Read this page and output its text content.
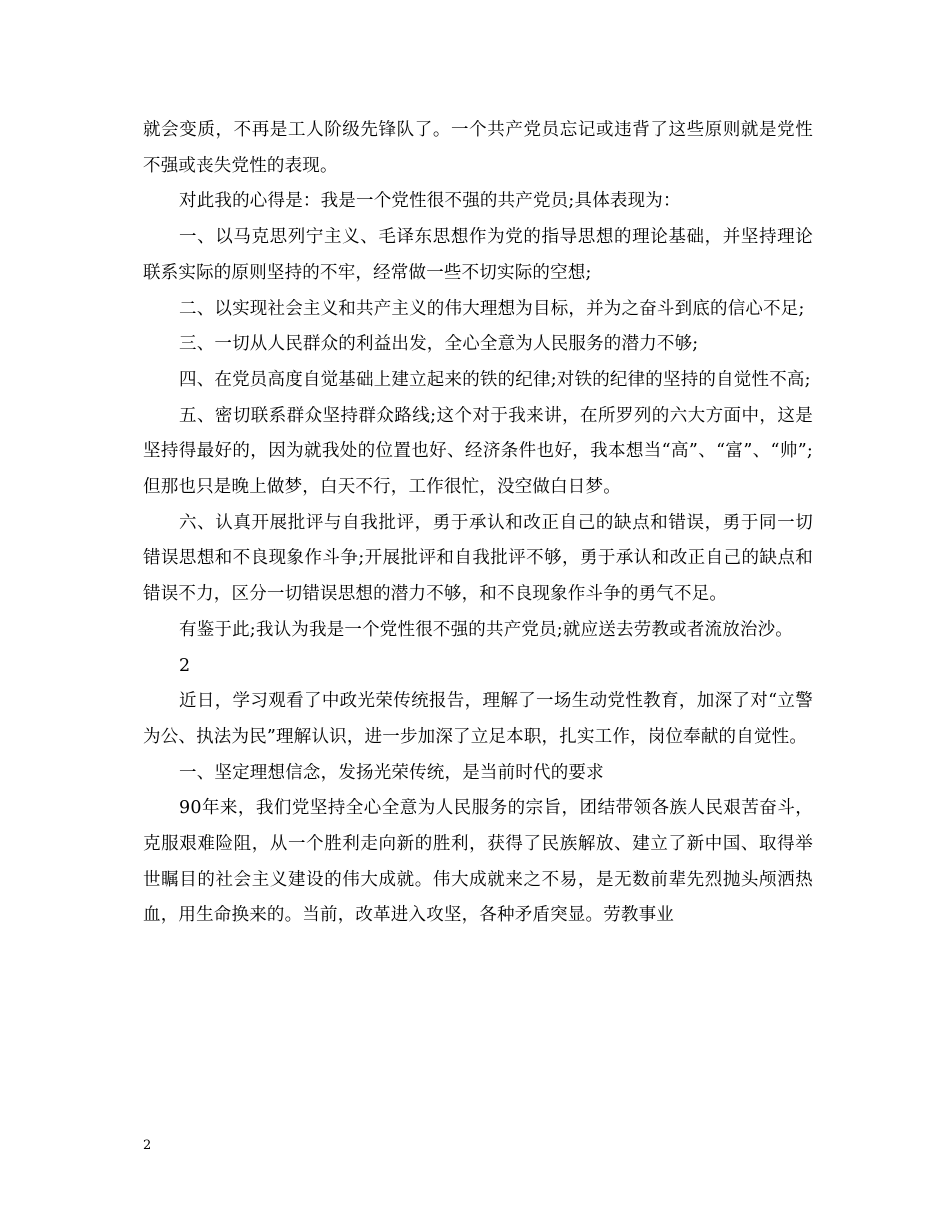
就会变质，不再是工人阶级先锋队了。一个共产党员忘记或违背了这些原则就是党性不强或丧失党性的表现。

对此我的心得是：我是一个党性很不强的共产党员;具体表现为：

一、以马克思列宁主义、毛译东思想作为党的指导思想的理论基础，并坚持理论联系实际的原则坚持的不牢，经常做一些不切实际的空想;

二、以实现社会主义和共产主义的伟大理想为目标，并为之奋斗到底的信心不足;

三、一切从人民群众的利益出发，全心全意为人民服务的潜力不够;

四、在党员高度自觉基础上建立起来的铁的纪律;对铁的纪律的坚持的自觉性不高;

五、密切联系群众坚持群众路线;这个对于我来讲，在所罗列的六大方面中，这是坚持得最好的，因为就我处的位置也好、经济条件也好，我本想当“高”、“富”、“帅”;但那也只是晚上做梦，白天不行，工作很忙，没空做白日梦。

六、认真开展批评与自我批评，勇于承认和改正自己的缺点和错误，勇于同一切错误思想和不良现象作斗争;开展批评和自我批评不够，勇于承认和改正自己的缺点和错误不力，区分一切错误思想的潜力不够，和不良现象作斗争的勇气不足。

有鉴于此;我认为我是一个党性很不强的共产党员;就应送去劳教或者流放治沙。

2

近日，学习观看了中政光荣传统报告，理解了一场生动党性教育，加深了对“立警为公、执法为民”理解认识，进一步加深了立足本职，扎实工作，岗位奉献的自觉性。

一、坚定理想信念，发扬光荣传统，是当前时代的要求

90年来，我们党坚持全心全意为人民服务的宗旨，团结带领各族人民艰苦奋斗，克服艰难险阻，从一个胜利走向新的胜利，获得了民族解放、建立了新中国、取得举世瞩目的社会主义建设的伟大成就。伟大成就来之不易，是无数前辈先烈抛头颅洒热血，用生命换来的。当前，改革进入攻坚，各种矛盾突显。劳教事业

2
